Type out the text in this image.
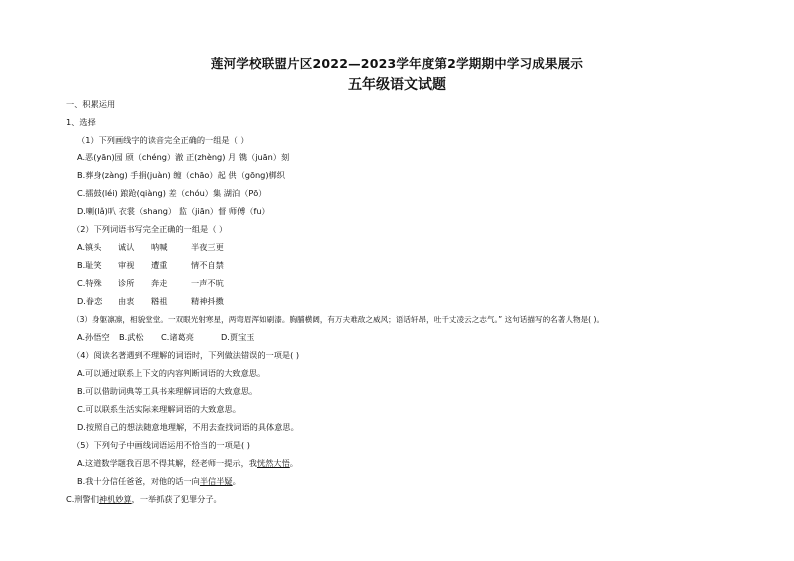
莲河学校联盟片区2022—2023学年度第2学期期中学习成果展示
五年级语文试题
一、积累运用
1、选择
（1）下列画线字的读音完全正确的一组是（ ）
A.恶(yān)园 颀（chéng）澈 正(zhèng) 月 镌（juān）刻
B.葬身(zàng) 手捐(juàn) 缠（chāo）起 供（gōng)梆织
C.擂鼓(léi) 踉跄(qiàng) 差（chóu）集 湖泊（Pō）
D.喇(lǎ)叭 衣裳（shang） 监（jiān）督 师傅（fu）
（2）下列词语书写完全正确的一组是（ ）
A.镇头 诚认 呐喊	半夜三更
B.耻笑 审视 遭重	情不自禁
C.特殊 诊所 奔走	一声不吭
D.眷恋 由衷 糌祖	精神抖擞
（3）身躯凛凛，相貌堂堂。一双眼光射寒星，两弯眉浑如刷漆。胸脯横阔，有万夫难敌之威风；语话轩昂，吐千丈凌云之志气。” 这句话描写的名著人物是( )。
A.孙悟空 B.武松 C.诸葛亮	D.贾宝玉
（4）阅读名著遇到不理解的词语时，下列做法错误的一项是( )
A.可以通过联系上下文的内容判断词语的大致意思。
B.可以借助词典等工具书来理解词语的大致意思。
C.可以联系生活实际来理解词语的大致意思。
D.按照自己的想法随意地理解，不用去查找词语的具体意思。
（5）下列句子中画线词语运用不恰当的一项是( )
A.这道数学题我百思不得其解，经老师一提示，我恍然大悟。
B.我十分信任爸爸，对他的话一向半信半疑。
C.刑警们神机妙算，一举抓获了犯罪分子。
